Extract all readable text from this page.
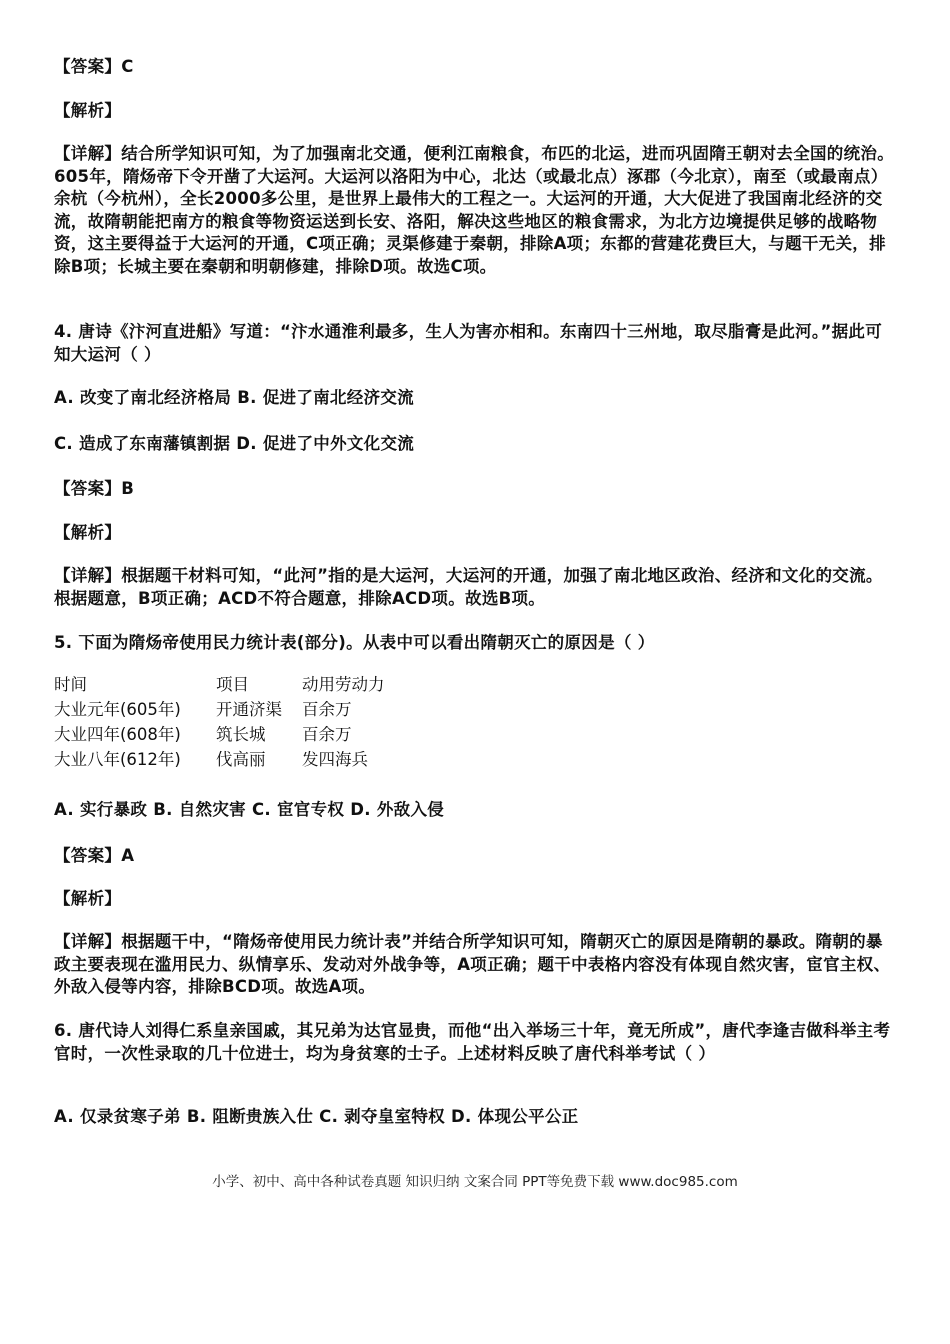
【答案】C
【解析】
【详解】结合所学知识可知，为了加强南北交通，便利江南粮食，布匹的北运，进而巩固隋王朝对去全国的统治。605年，隋炀帝下令开凿了大运河。大运河以洛阳为中心，北达（或最北点）涿郡（今北京），南至（或最南点）余杭（今杭州），全长2000多公里，是世界上最伟大的工程之一。大运河的开通，大大促进了我国南北经济的交流，故隋朝能把南方的粮食等物资运送到长安、洛阳，解决这些地区的粮食需求，为北方边境提供足够的战略物资，这主要得益于大运河的开通，C项正确；灵渠修建于秦朝，排除A项；东都的营建花费巨大，与题干无关，排除B项；长城主要在秦朝和明朝修建，排除D项。故选C项。
4. 唐诗《汴河直进船》写道：“汴水通淮利最多，生人为害亦相和。东南四十三州地，取尽脂膏是此河。”据此可知大运河（ ）
A. 改变了南北经济格局 B. 促进了南北经济交流
C. 造成了东南藩镇割据 D. 促进了中外文化交流
【答案】B
【解析】
【详解】根据题干材料可知，“此河”指的是大运河，大运河的开通，加强了南北地区政治、经济和文化的交流。根据题意，B项正确；ACD不符合题意，排除ACD项。故选B项。
5. 下面为隋炀帝使用民力统计表(部分)。从表中可以看出隋朝灭亡的原因是（ ）
时间	项目	动用劳动力
大业元年(605年) 开通济渠 百余万
大业四年(608年) 筑长城 百余万
大业八年(612年) 伐高丽 发四海兵
A. 实行暴政 B. 自然灾害 C. 宦官专权 D. 外敌入侵
【答案】A
【解析】
【详解】根据题干中，“隋炀帝使用民力统计表”并结合所学知识可知，隋朝灭亡的原因是隋朝的暴政。隋朝的暴政主要表现在滥用民力、纵情享乐、发动对外战争等，A项正确；题干中表格内容没有体现自然灾害，宦官主权、外敌入侵等内容，排除BCD项。故选A项。
6. 唐代诗人刘得仁系皇亲国戚，其兄弟为达官显贵，而他“出入举场三十年，竟无所成”，唐代李逢吉做科举主考官时，一次性录取的几十位进士，均为身贫寒的士子。上述材料反映了唐代科举考试（ ）
A. 仅录贫寒子弟 B. 阻断贵族入仕 C. 剥夺皇室特权 D. 体现公平公正
小学、初中、高中各种试卷真题 知识归纳 文案合同 PPT等免费下载 www.doc985.com
